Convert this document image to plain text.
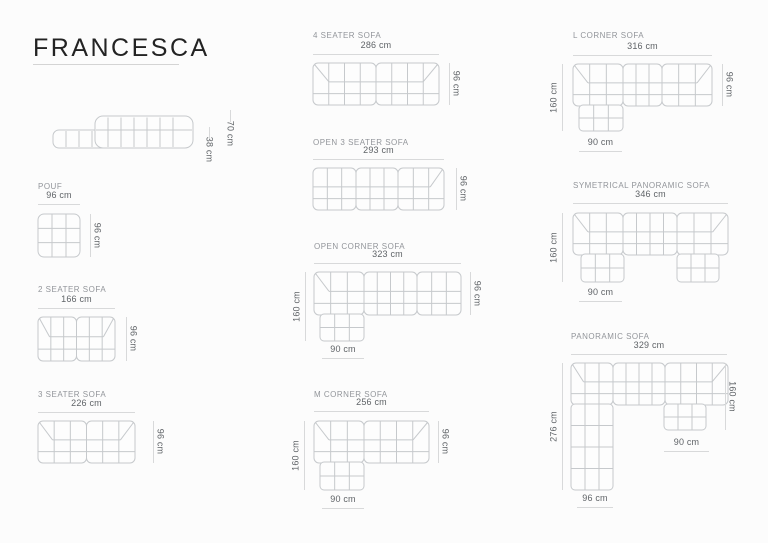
FRANCESCA
38 cm
70 cm
POUF
96 cm
96 cm
2 SEATER SOFA
166 cm
96 cm
3 SEATER SOFA
226 cm
96 cm
4 SEATER SOFA
286 cm
96 cm
OPEN 3 SEATER SOFA
293 cm
96 cm
OPEN CORNER SOFA
323 cm
96 cm
160 cm
90 cm
M CORNER SOFA
256 cm
96 cm
160 cm
90 cm
L CORNER SOFA
316 cm
96 cm
160 cm
90 cm
SYMETRICAL PANORAMIC SOFA
346 cm
160 cm
90 cm
PANORAMIC SOFA
329 cm
160 cm
276 cm
96 cm
90 cm
